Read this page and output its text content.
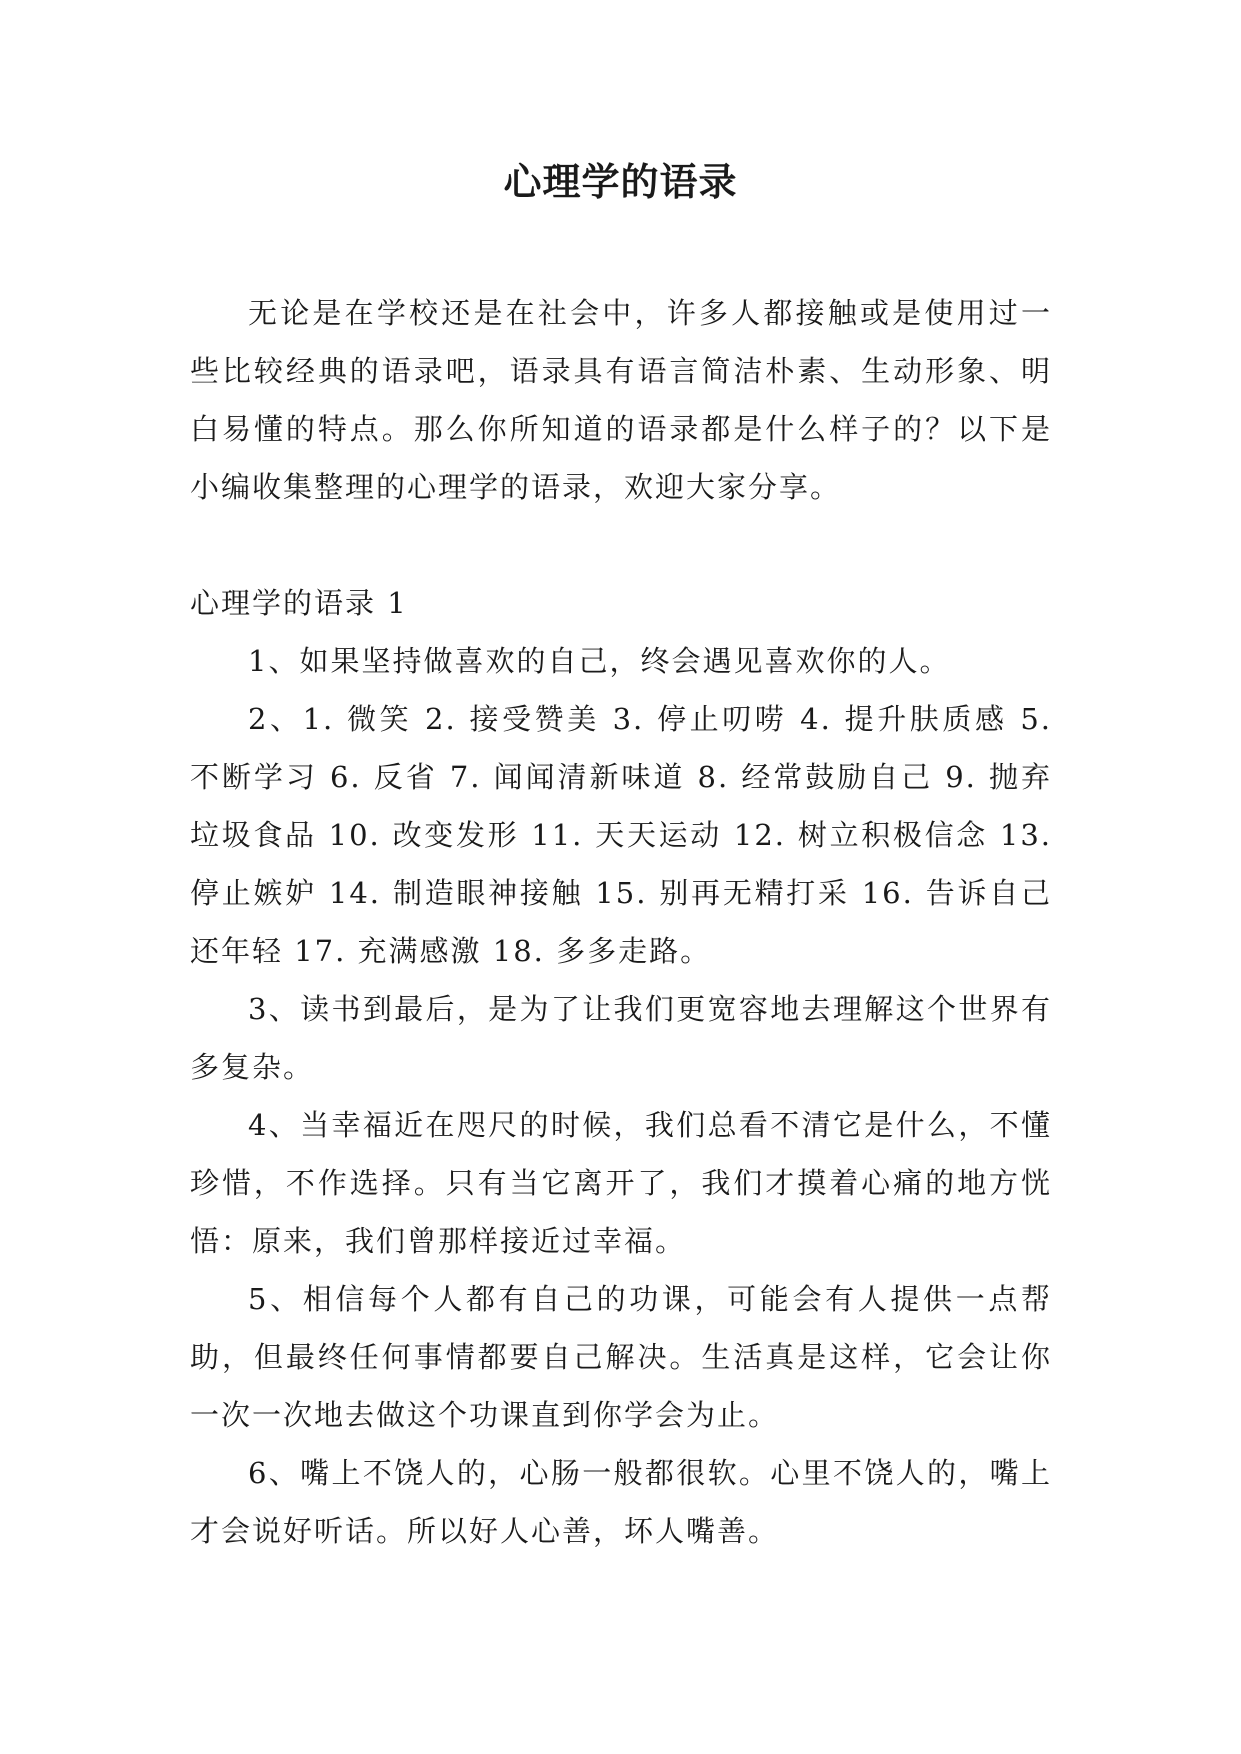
心理学的语录

无论是在学校还是在社会中，许多人都接触或是使用过一些比较经典的语录吧，语录具有语言简洁朴素、生动形象、明白易懂的特点。那么你所知道的语录都是什么样子的？以下是小编收集整理的心理学的语录，欢迎大家分享。

心理学的语录 1

1、如果坚持做喜欢的自己，终会遇见喜欢你的人。

2、1. 微笑 2. 接受赞美 3. 停止叨唠 4. 提升肤质感 5. 不断学习 6. 反省 7. 闻闻清新味道 8. 经常鼓励自己 9. 抛弃垃圾食品 10. 改变发形 11. 天天运动 12. 树立积极信念 13. 停止嫉妒 14. 制造眼神接触 15. 别再无精打采 16. 告诉自己还年轻 17. 充满感激 18. 多多走路。

3、读书到最后，是为了让我们更宽容地去理解这个世界有多复杂。

4、当幸福近在咫尺的时候，我们总看不清它是什么，不懂珍惜，不作选择。只有当它离开了，我们才摸着心痛的地方恍悟：原来，我们曾那样接近过幸福。

5、相信每个人都有自己的功课，可能会有人提供一点帮助，但最终任何事情都要自己解决。生活真是这样，它会让你一次一次地去做这个功课直到你学会为止。

6、嘴上不饶人的，心肠一般都很软。心里不饶人的，嘴上才会说好听话。所以好人心善，坏人嘴善。
